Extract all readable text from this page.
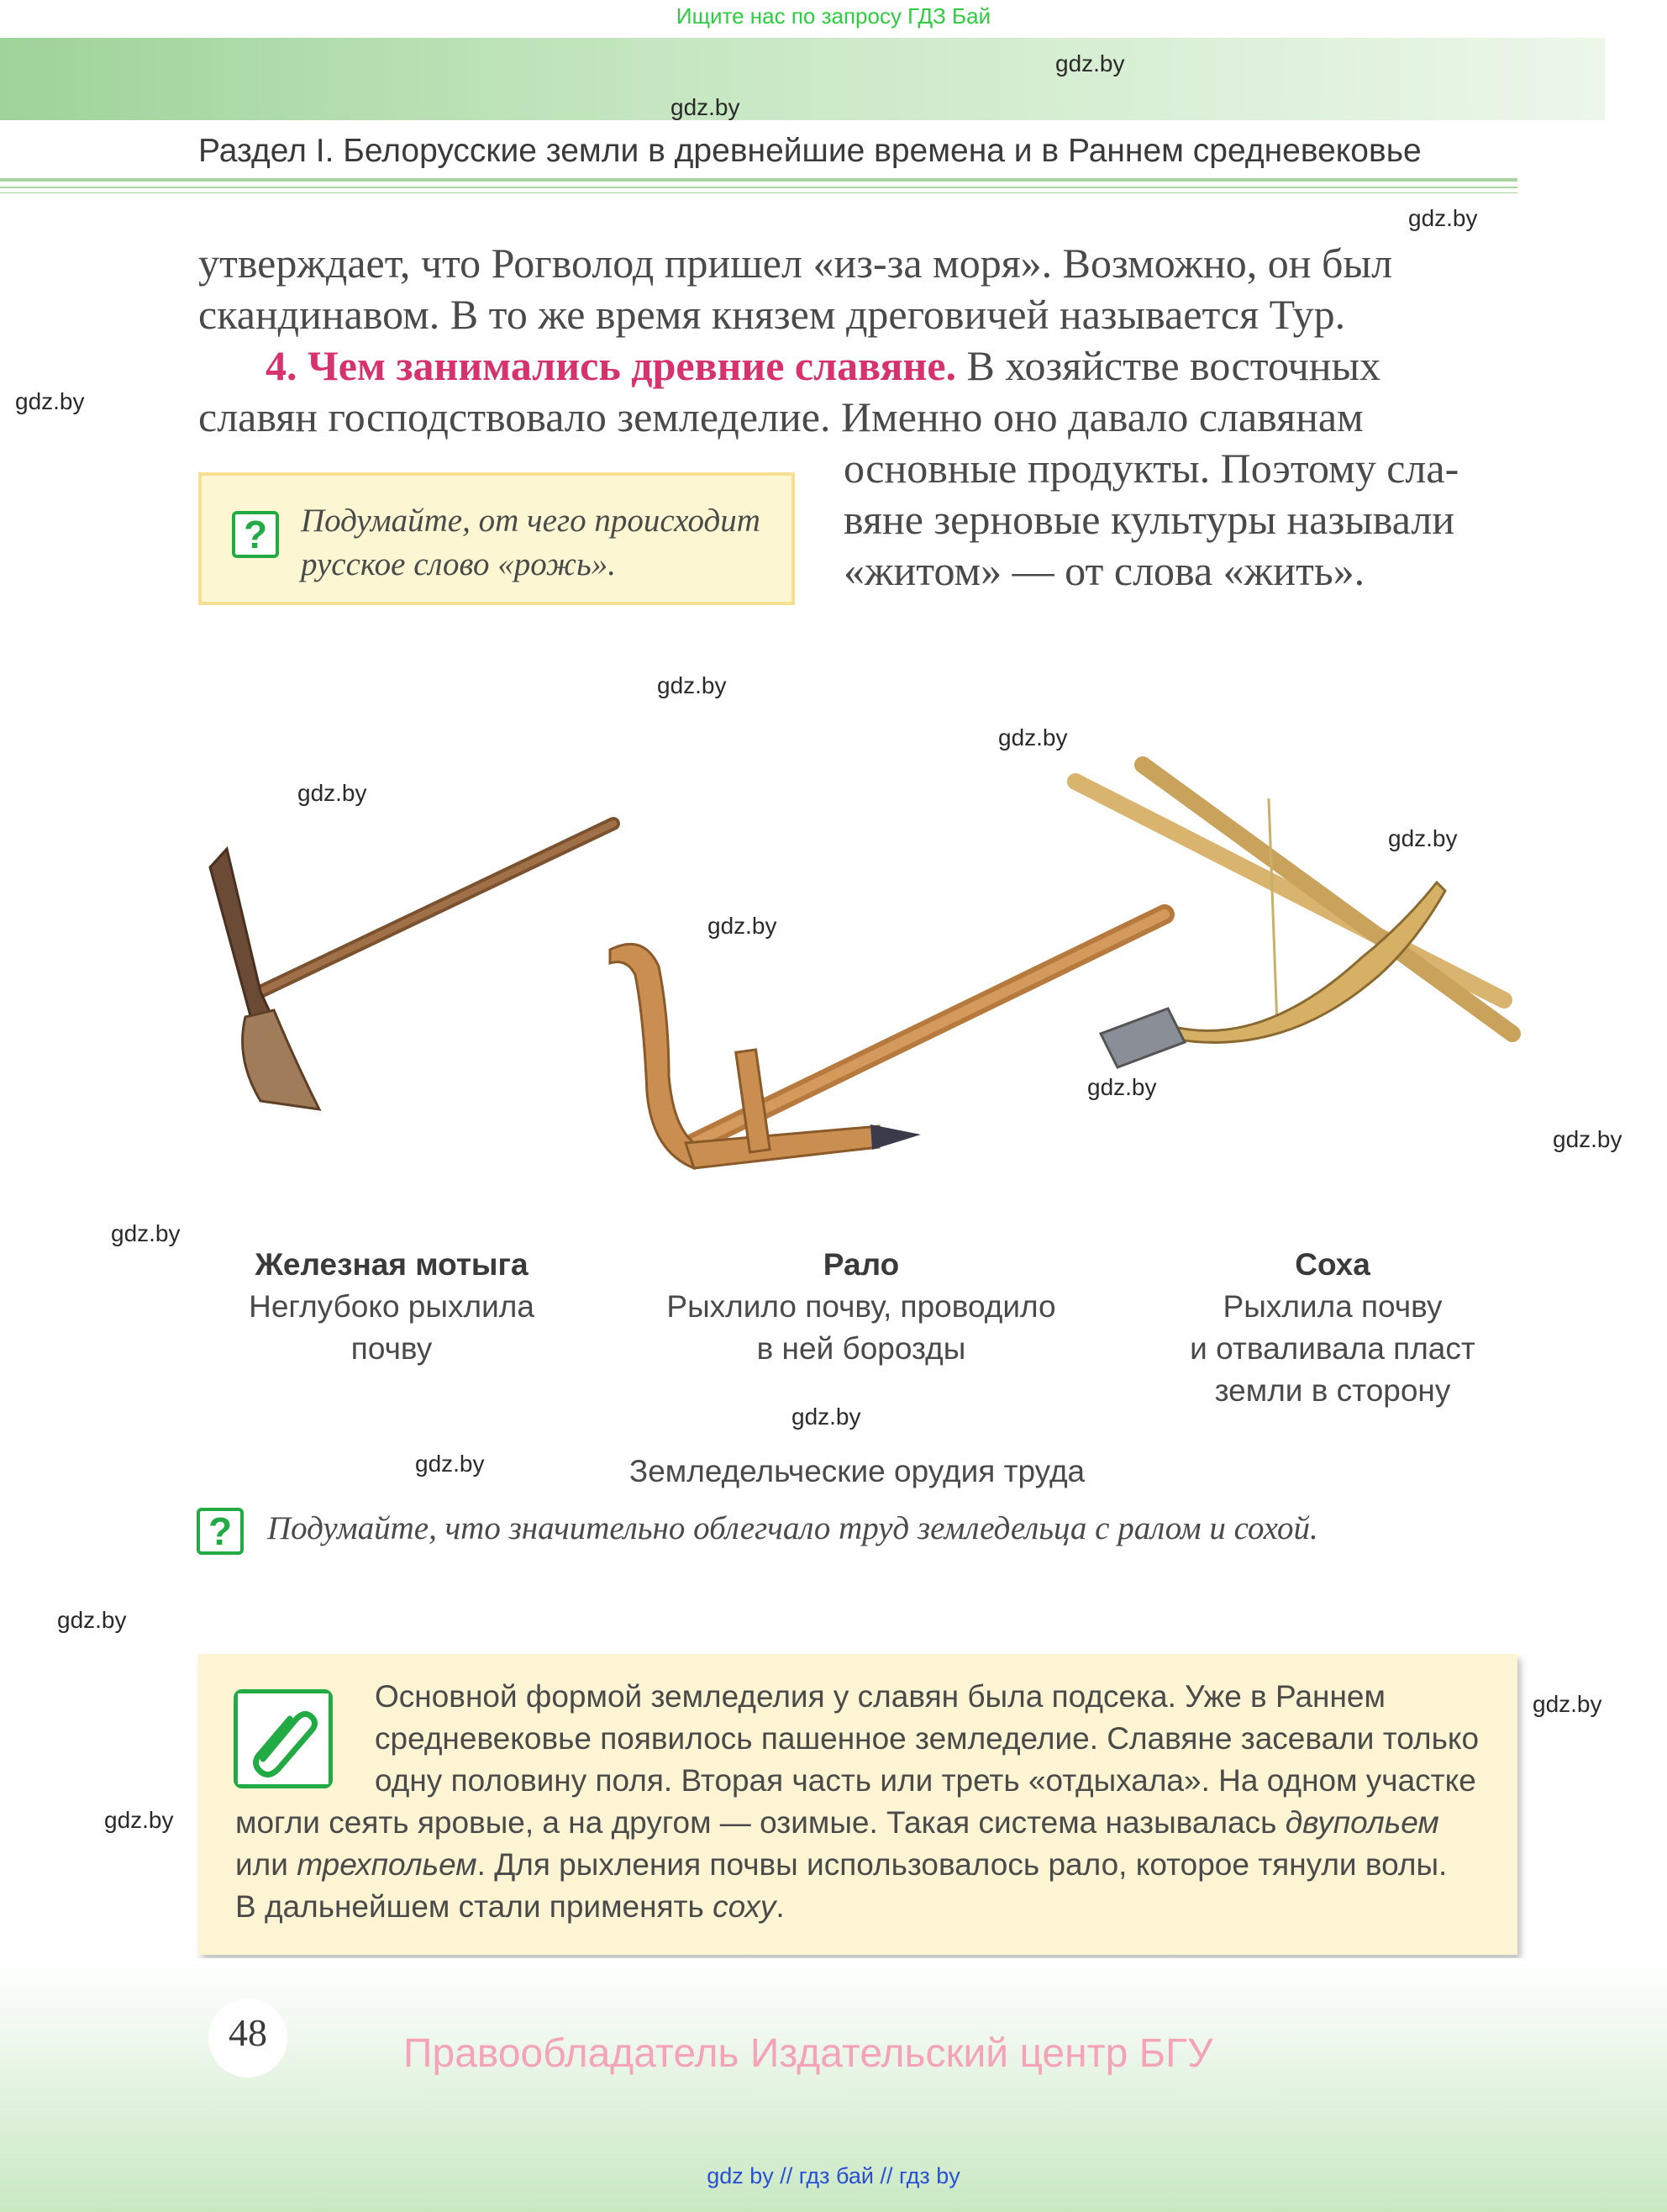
Ищите нас по запросу ГДЗ Бай
Раздел I. Белорусские земли в древнейшие времена и в Раннем средневековье
gdz.by
gdz.by
gdz.by
gdz.by
gdz.by
gdz.by
gdz.by
gdz.by
gdz.by
gdz.by
gdz.by
gdz.by
gdz.by
gdz.by
gdz.by
gdz.by
gdz.by
утверждает, что Рогволод пришел «из-за моря». Возможно, он был
скандинавом. В то же время князем дреговичей называется Тур.
4. Чем занимались древние славяне. В хозяйстве восточных
славян господствовало земледелие. Именно оно давало славянам
основные продукты. Поэтому сла-
вяне зерновые культуры называли
«житом» — от слова «жить».
?	Подумайте, от чего происходит
русское слово «рожь».
Железная мотыга
Неглубоко рыхлила
почву
Рало
Рыхлило почву, проводило
в ней борозды
Соха
Рыхлила почву
и отваливала пласт
земли в сторону
Земледельческие орудия труда
?	Подумайте, что значительно облегчало труд земледельца с ралом и сохой.
Основной формой земледелия у славян была подсека. Уже в Раннем
средневековье появилось пашенное земледелие. Славяне засевали только
одну половину поля. Вторая часть или треть «отдыхала». На одном участке
могли сеять яровые, а на другом — озимые. Такая система называлась двупольем
или трехпольем. Для рыхления почвы использовалось рало, которое тянули волы.
В дальнейшем стали применять соху.
48	Правообладатель Издательский центр БГУ
gdz by // гдз бай // гдз by
